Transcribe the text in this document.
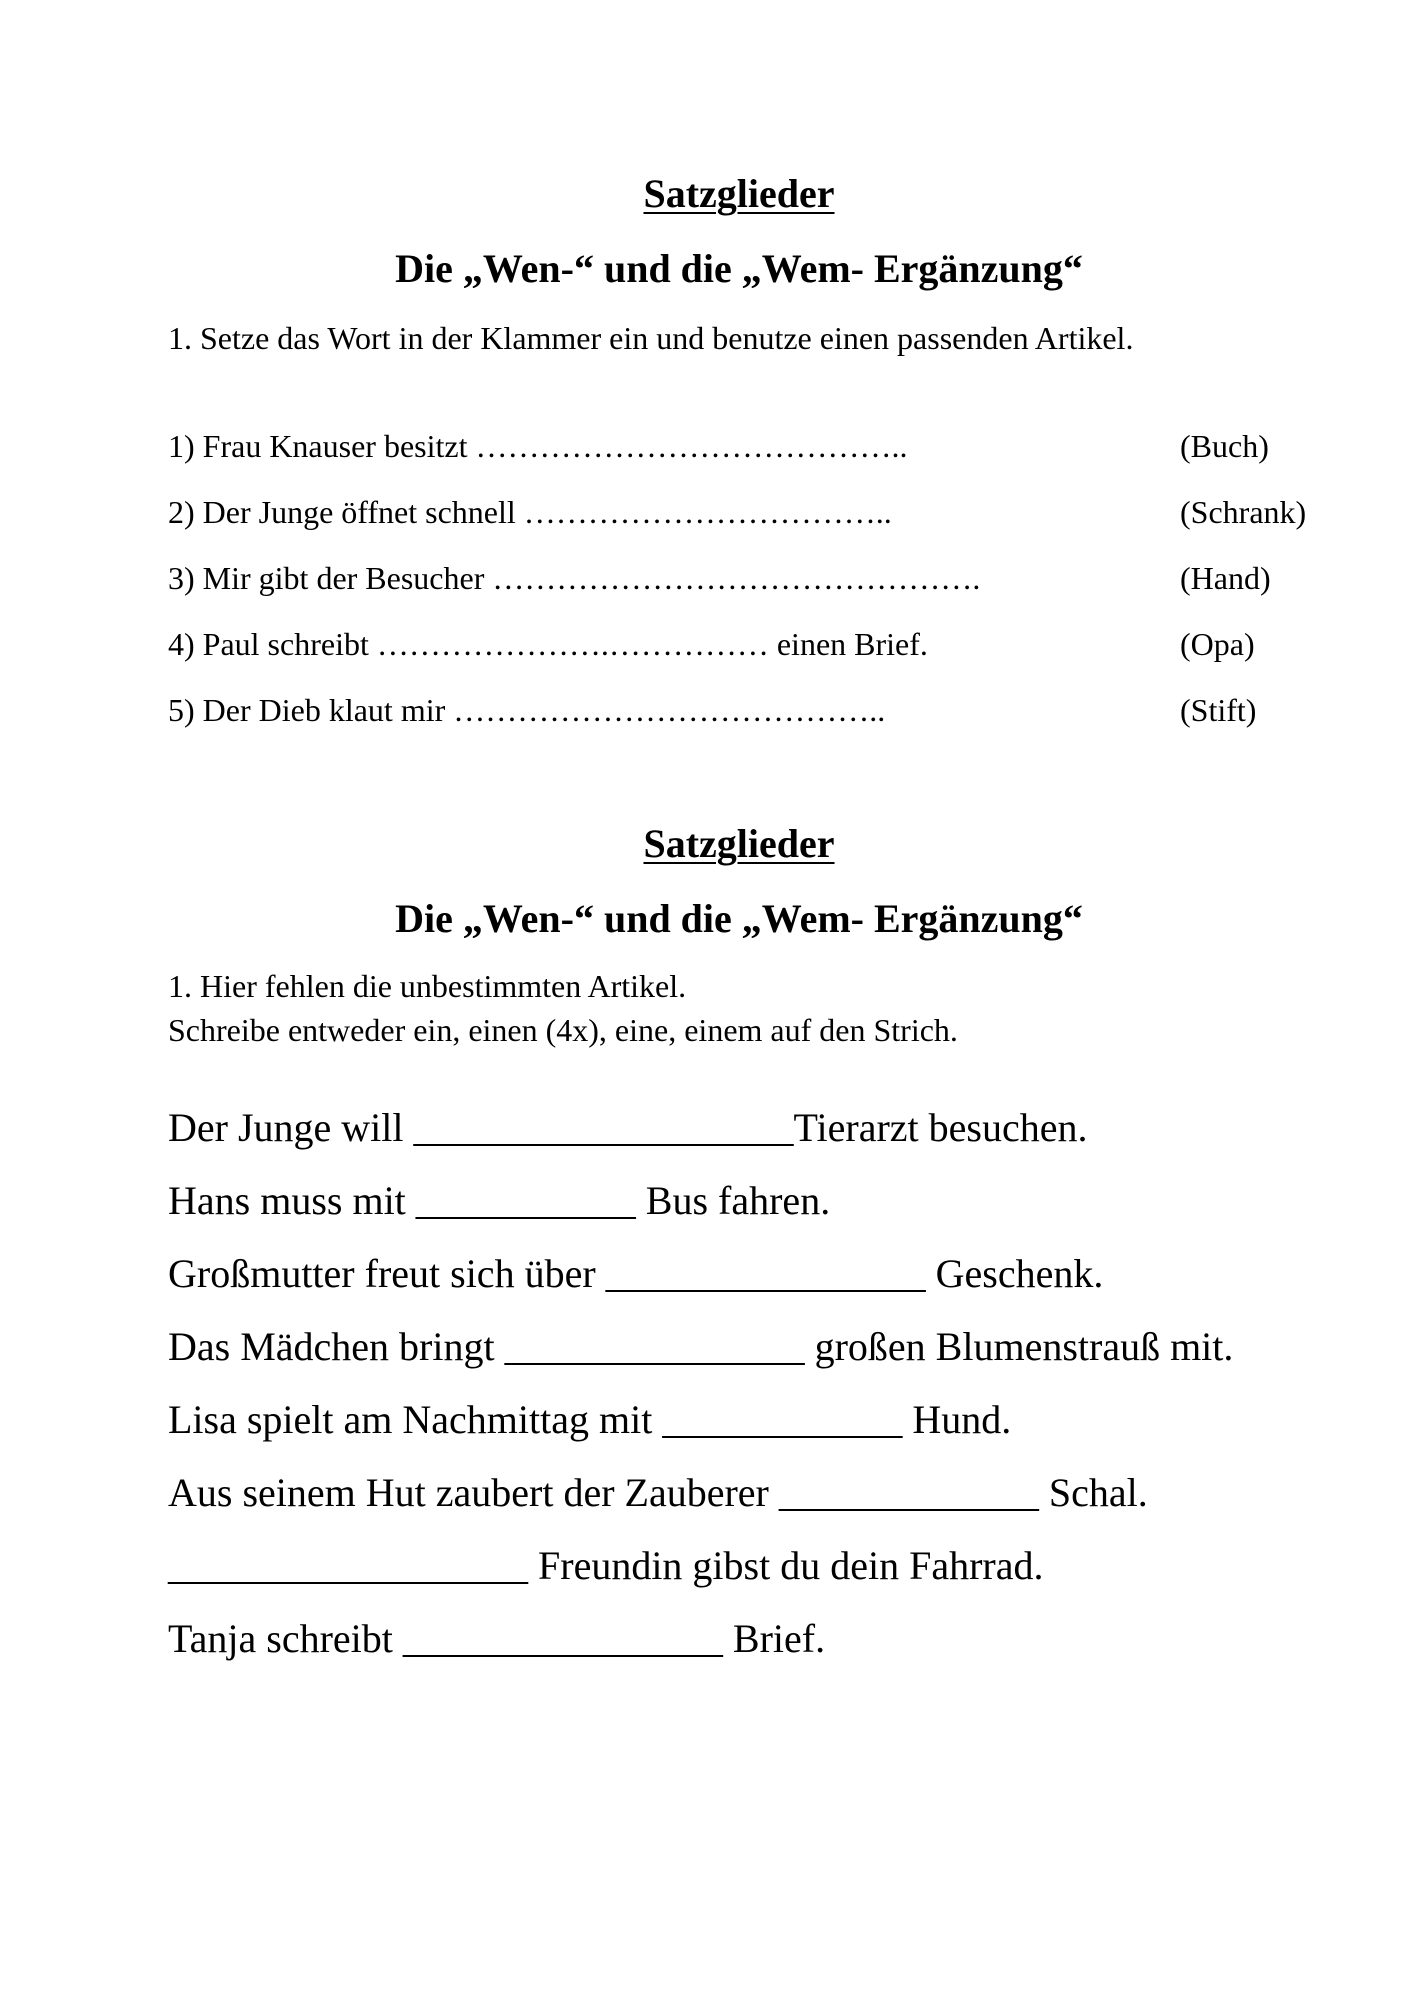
Satzglieder
Die „Wen-“ und die „Wem- Ergänzung“
1. Setze das Wort in der Klammer ein und benutze einen passenden Artikel.
1) Frau Knauser besitzt …………………………………..	(Buch)
2) Der Junge öffnet schnell ……………………………..	(Schrank)
3) Mir gibt der Besucher ……………………………………….	(Hand)
4) Paul schreibt ………………….…………… einen Brief.	(Opa)
5) Der Dieb klaut mir …………………………………..	(Stift)
Satzglieder
Die „Wen-“ und die „Wem- Ergänzung“
1. Hier fehlen die unbestimmten Artikel.
Schreibe entweder ein, einen (4x), eine, einem auf den Strich.
Der Junge will ___________________Tierarzt besuchen.
Hans muss mit ___________ Bus fahren.
Großmutter freut sich über ________________ Geschenk.
Das Mädchen bringt _______________ großen Blumenstrauß mit.
Lisa spielt am Nachmittag mit ____________ Hund.
Aus seinem Hut zaubert der Zauberer _____________ Schal.
__________________ Freundin gibst du dein Fahrrad.
Tanja schreibt ________________ Brief.
